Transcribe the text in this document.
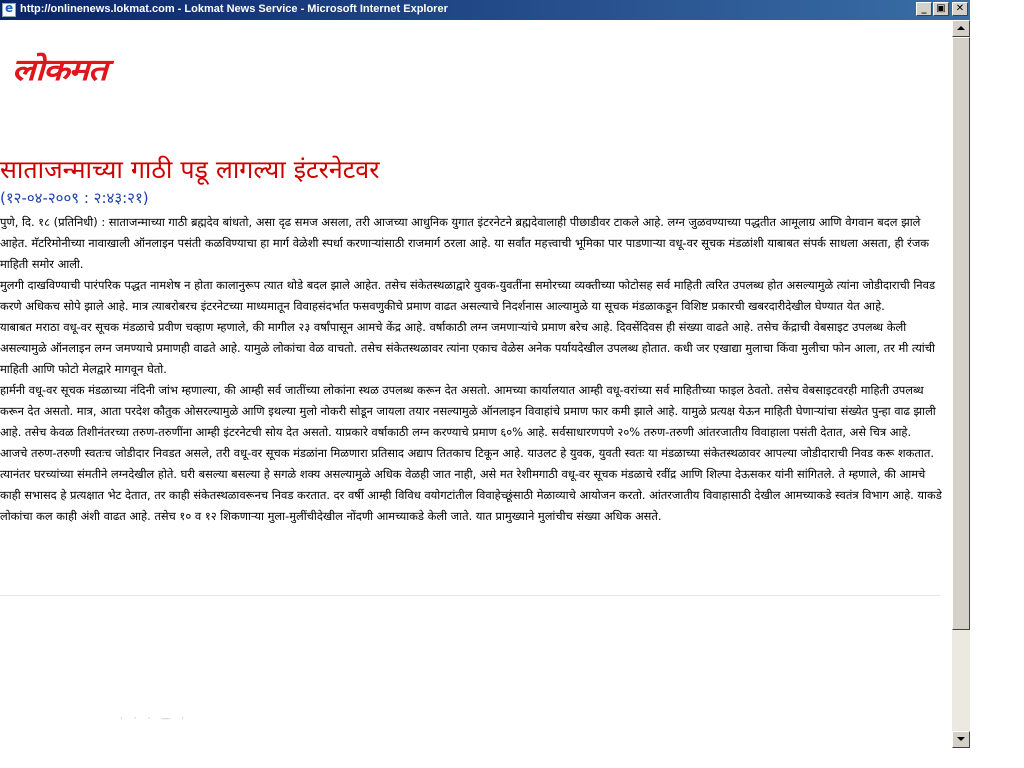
e
http://onlinenews.lokmat.com - Lokmat News Service - Microsoft Internet Explorer	_ ▣	✕
लोकमत
साताजन्माच्या गाठी पडू लागल्या इंटरनेटवर
(१२-०४-२००९ : २:४३:२१)

पुणे, दि. १८ (प्रतिनिधी) : साताजन्माच्या गाठी ब्रह्मदेव बांधतो, असा दृढ समज असला, तरी आजच्या आधुनिक युगात इंटरनेटने ब्रह्मदेवालाही पीछाडीवर टाकले आहे. लग्न जुळवण्याच्या पद्धतीत आमूलाग्र आणि वेगवान बदल झाले आहेत. मॅटरिमोनीच्या नावाखाली ऑनलाइन पसंती कळविण्याचा हा मार्ग वेळेशी स्पर्धा करणाऱ्यांसाठी राजमार्ग ठरला आहे. या सर्वांत महत्त्वाची भूमिका पार पाडणाऱ्या वधू-वर सूचक मंडळांशी याबाबत संपर्क साधला असता, ही रंजक माहिती समोर आली.

मुलगी दाखविण्याची पारंपरिक पद्धत नामशेष न होता कालानुरूप त्यात थोडे बदल झाले आहेत. तसेच संकेतस्थळाद्वारे युवक-युवतींना समोरच्या व्यक्तीच्या फोटोसह सर्व माहिती त्वरित उपलब्ध होत असल्यामुळे त्यांना जोडीदाराची निवड करणे अधिकच सोपे झाले आहे. मात्र त्याबरोबरच इंटरनेटच्या माध्यमातून विवाहसंदर्भात फसवणुकीचे प्रमाण वाढत असल्याचे निदर्शनास आल्यामुळे या सूचक मंडळाकडून विशिष्ट प्रकारची खबरदारीदेखील घेण्यात येत आहे.

याबाबत मराठा वधू-वर सूचक मंडळाचे प्रवीण चव्हाण म्हणाले, की मागील २३ वर्षांपासून आमचे केंद्र आहे. वर्षाकाठी लग्न जमणाऱ्यांचे प्रमाण बरेच आहे. दिवसेंदिवस ही संख्या वाढते आहे. तसेच केंद्राची वेबसाइट उपलब्ध केली असल्यामुळे ऑनलाइन लग्न जमण्याचे प्रमाणही वाढते आहे. यामुळे लोकांचा वेळ वाचतो. तसेच संकेतस्थळावर त्यांना एकाच वेळेस अनेक पर्यायदेखील उपलब्ध होतात. कधी जर एखाद्या मुलाचा किंवा मुलीचा फोन आला, तर मी त्यांची माहिती आणि फोटो मेलद्वारे मागवून घेतो.

हार्मनी वधू-वर सूचक मंडळाच्या नंदिनी जांभ म्हणाल्या, की आम्ही सर्व जातींच्या लोकांना स्थळ उपलब्ध करून देत असतो. आमच्या कार्यालयात आम्ही वधू-वरांच्या सर्व माहितीच्या फाइल ठेवतो. तसेच वेबसाइटवरही माहिती उपलब्ध करून देत असतो. मात्र, आता परदेश कौतुक ओसरल्यामुळे आणि इथल्या मुलो नोकरी सोडून जायला तयार नसल्यामुळे ऑनलाइन विवाहांचे प्रमाण फार कमी झाले आहे. यामुळे प्रत्यक्ष येऊन माहिती घेणाऱ्यांचा संख्येत पुन्हा वाढ झाली आहे. तसेच केवळ तिशीनंतरच्या तरुण-तरुणींना आम्ही इंटरनेटची सोय देत असतो. याप्रकारे वर्षाकाठी लग्न करण्याचे प्रमाण ६०% आहे. सर्वसाधारणपणे २०% तरुण-तरुणी आंतरजातीय विवाहाला पसंती देतात, असे चित्र आहे.

आजचे तरुण-तरुणी स्वतःच जोडीदार निवडत असले, तरी वधू-वर सूचक मंडळांना मिळणारा प्रतिसाद अद्याप तितकाच टिकून आहे. याउलट हे युवक, युवती स्वतः या मंडळाच्या संकेतस्थळावर आपल्या जोडीदाराची निवड करू शकतात. त्यानंतर घरच्यांच्या संमतीने लग्नदेखील होते. घरी बसल्या बसल्या हे सगळे शक्य असल्यामुळे अधिक वेळही जात नाही, असे मत रेशीमगाठी वधू-वर सूचक मंडळाचे रवींद्र आणि शिल्पा देऊसकर यांनी सांगितले. ते म्हणाले, की आमचे काही सभासद हे प्रत्यक्षात भेट देतात, तर काही संकेतस्थळावरूनच निवड करतात. दर वर्षी आम्ही विविध वयोगटांतील विवाहेच्छूंसाठी मेळाव्याचे आयोजन करतो. आंतरजातीय विवाहासाठी देखील आमच्याकडे स्वतंत्र विभाग आहे. याकडे लोकांचा कल काही अंशी वाढत आहे. तसेच १० व १२ शिकणाऱ्या मुला-मुलींचीदेखील नोंदणी आमच्याकडे केली जाते. यात प्रामुख्याने मुलांचीच संख्या अधिक असते.

· · · — ·
